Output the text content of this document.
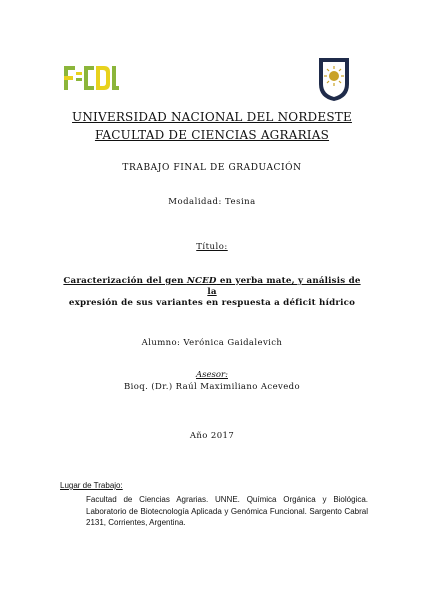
UNIVERSIDAD NACIONAL DEL NORDESTE
FACULTAD DE CIENCIAS AGRARIAS
TRABAJO FINAL DE GRADUACIÓN
Modalidad: Tesina
Título:
Caracterización del gen NCED en yerba mate, y análisis de la
expresión de sus variantes en respuesta a déficit hídrico
Alumno: Verónica Gaidalevich
Asesor:
Bioq. (Dr.) Raúl Maximiliano Acevedo
Año 2017
Lugar de Trabajo:
Facultad de Ciencias Agrarias. UNNE. Química Orgánica y Biológica. Laboratorio de Biotecnología Aplicada y Genómica Funcional. Sargento Cabral 2131, Corrientes, Argentina.
